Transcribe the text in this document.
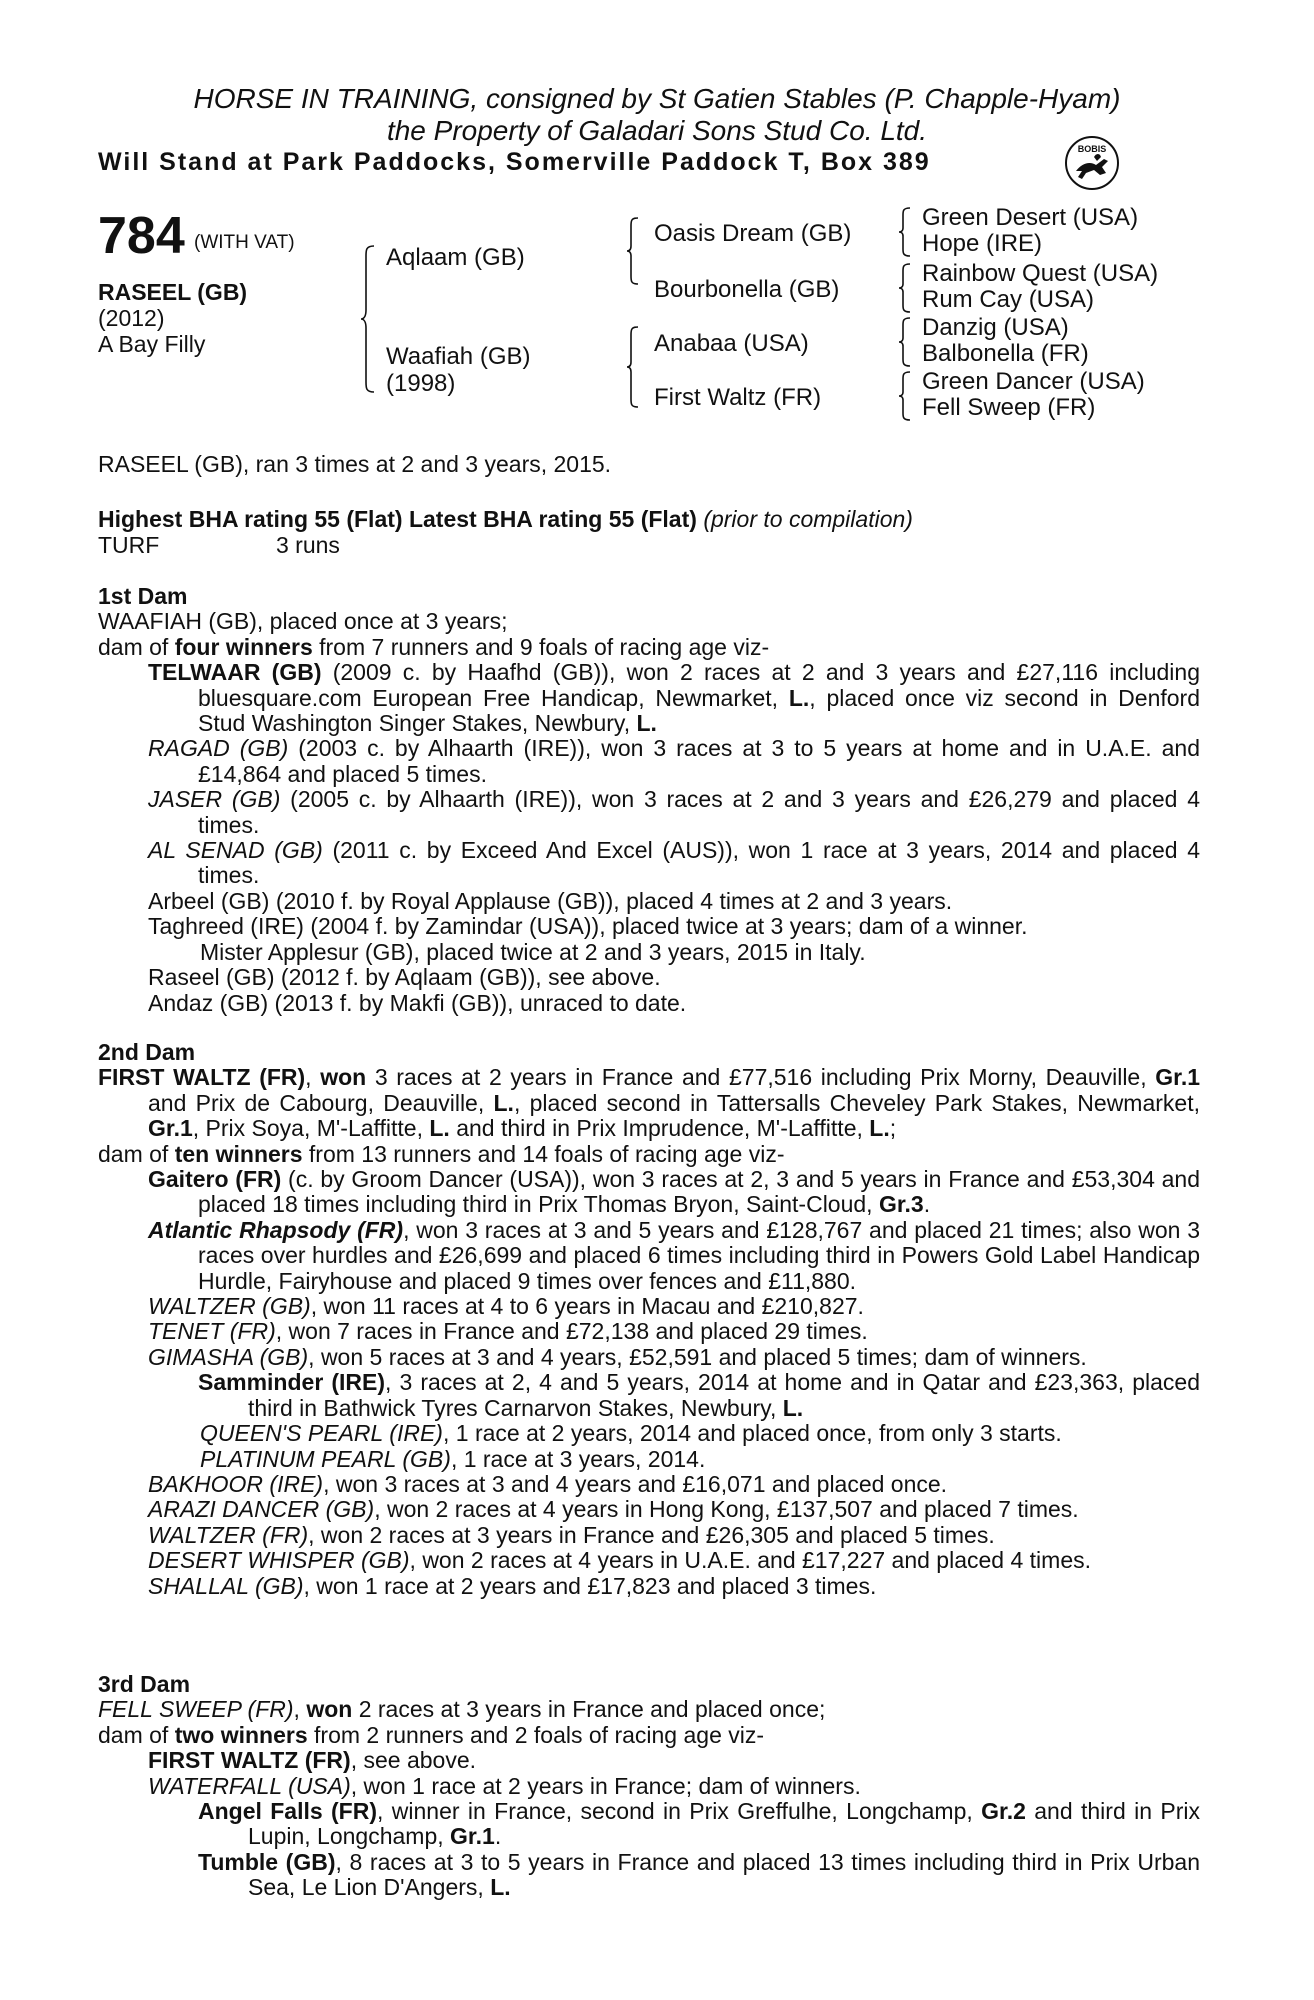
HORSE IN TRAINING, consigned by St Gatien Stables (P. Chapple-Hyam)
the Property of Galadari Sons Stud Co. Ltd.
Will Stand at Park Paddocks, Somerville Paddock T, Box 389	BOBIS
784 (WITH VAT)
RASEEL (GB)
(2012)
A Bay Filly
Aqlaam (GB)
Waafiah (GB)
(1998)
Oasis Dream (GB)
Bourbonella (GB)
Anabaa (USA)
First Waltz (FR)
Green Desert (USA)
Hope (IRE)
Rainbow Quest (USA)
Rum Cay (USA)
Danzig (USA)
Balbonella (FR)
Green Dancer (USA)
Fell Sweep (FR)
RASEEL (GB), ran 3 times at 2 and 3 years, 2015.
Highest BHA rating 55 (Flat) Latest BHA rating 55 (Flat) (prior to compilation)
TURF	3 runs

1st Dam

WAAFIAH (GB), placed once at 3 years;

dam of four winners from 7 runners and 9 foals of racing age viz-

TELWAAR (GB) (2009 c. by Haafhd (GB)), won 2 races at 2 and 3 years and £27,116 including bluesquare.com European Free Handicap, Newmarket, L., placed once viz second in Denford Stud Washington Singer Stakes, Newbury, L.

RAGAD (GB) (2003 c. by Alhaarth (IRE)), won 3 races at 3 to 5 years at home and in U.A.E. and £14,864 and placed 5 times.

JASER (GB) (2005 c. by Alhaarth (IRE)), won 3 races at 2 and 3 years and £26,279 and placed 4 times.

AL SENAD (GB) (2011 c. by Exceed And Excel (AUS)), won 1 race at 3 years, 2014 and placed 4 times.

Arbeel (GB) (2010 f. by Royal Applause (GB)), placed 4 times at 2 and 3 years.

Taghreed (IRE) (2004 f. by Zamindar (USA)), placed twice at 3 years; dam of a winner.

Mister Applesur (GB), placed twice at 2 and 3 years, 2015 in Italy.

Raseel (GB) (2012 f. by Aqlaam (GB)), see above.

Andaz (GB) (2013 f. by Makfi (GB)), unraced to date.

2nd Dam

FIRST WALTZ (FR), won 3 races at 2 years in France and £77,516 including Prix Morny, Deauville, Gr.1 and Prix de Cabourg, Deauville, L., placed second in Tattersalls Cheveley Park Stakes, Newmarket, Gr.1, Prix Soya, M'-Laffitte, L. and third in Prix Imprudence, M'-Laffitte, L.;

dam of ten winners from 13 runners and 14 foals of racing age viz-

Gaitero (FR) (c. by Groom Dancer (USA)), won 3 races at 2, 3 and 5 years in France and £53,304 and placed 18 times including third in Prix Thomas Bryon, Saint-Cloud, Gr.3.

Atlantic Rhapsody (FR), won 3 races at 3 and 5 years and £128,767 and placed 21 times; also won 3 races over hurdles and £26,699 and placed 6 times including third in Powers Gold Label Handicap Hurdle, Fairyhouse and placed 9 times over fences and £11,880.

WALTZER (GB), won 11 races at 4 to 6 years in Macau and £210,827.

TENET (FR), won 7 races in France and £72,138 and placed 29 times.

GIMASHA (GB), won 5 races at 3 and 4 years, £52,591 and placed 5 times; dam of winners.

Samminder (IRE), 3 races at 2, 4 and 5 years, 2014 at home and in Qatar and £23,363, placed third in Bathwick Tyres Carnarvon Stakes, Newbury, L.

QUEEN'S PEARL (IRE), 1 race at 2 years, 2014 and placed once, from only 3 starts.

PLATINUM PEARL (GB), 1 race at 3 years, 2014.

BAKHOOR (IRE), won 3 races at 3 and 4 years and £16,071 and placed once.

ARAZI DANCER (GB), won 2 races at 4 years in Hong Kong, £137,507 and placed 7 times.

WALTZER (FR), won 2 races at 3 years in France and £26,305 and placed 5 times.

DESERT WHISPER (GB), won 2 races at 4 years in U.A.E. and £17,227 and placed 4 times.

SHALLAL (GB), won 1 race at 2 years and £17,823 and placed 3 times.

3rd Dam

FELL SWEEP (FR), won 2 races at 3 years in France and placed once;

dam of two winners from 2 runners and 2 foals of racing age viz-

FIRST WALTZ (FR), see above.

WATERFALL (USA), won 1 race at 2 years in France; dam of winners.

Angel Falls (FR), winner in France, second in Prix Greffulhe, Longchamp, Gr.2 and third in Prix Lupin, Longchamp, Gr.1.

Tumble (GB), 8 races at 3 to 5 years in France and placed 13 times including third in Prix Urban Sea, Le Lion D'Angers, L.
